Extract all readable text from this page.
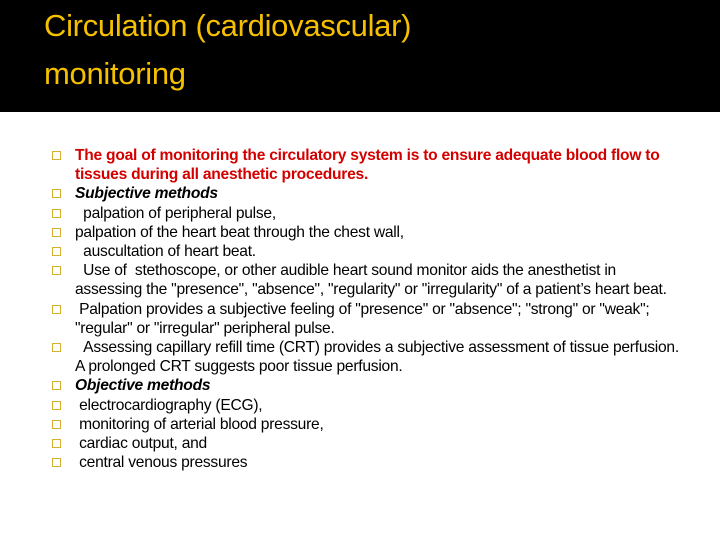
Circulation (cardiovascular)
monitoring
The goal of monitoring the circulatory system is to ensure adequate blood flow to tissues during all anesthetic procedures.
Subjective methods
palpation of peripheral pulse,
palpation of the heart beat through the chest wall,
auscultation of heart beat.
Use of  stethoscope, or other audible heart sound monitor aids the anesthetist in assessing the "presence", "absence", "regularity" or "irregularity" of a patient’s heart beat.
Palpation provides a subjective feeling of "presence" or "absence"; "strong" or "weak"; "regular" or "irregular" peripheral pulse.
Assessing capillary refill time (CRT) provides a subjective assessment of tissue perfusion.  A prolonged CRT suggests poor tissue perfusion.
Objective methods
electrocardiography (ECG),
monitoring of arterial blood pressure,
cardiac output, and
central venous pressures
